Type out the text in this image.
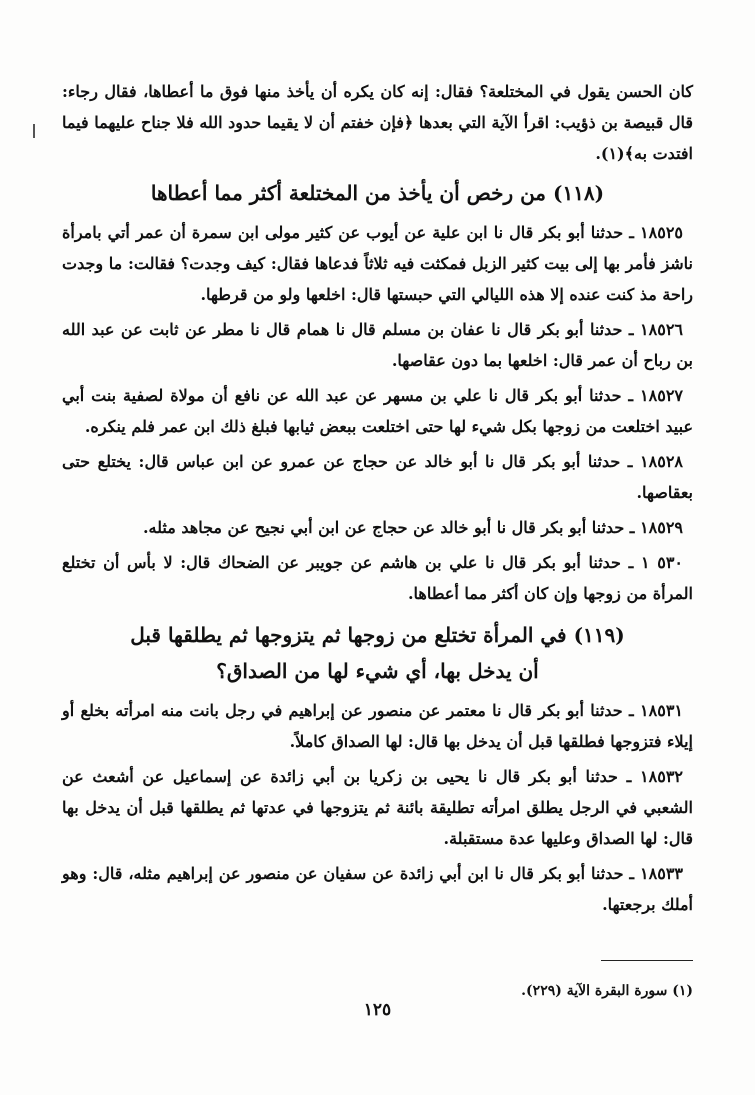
كان الحسن يقول في المختلعة؟ فقال: إنه كان يكره أن يأخذ منها فوق ما أعطاها، فقال رجاء: قال قبيصة بن ذؤيب: اقرأ الآية التي بعدها ﴿فإن خفتم أن لا يقيما حدود الله فلا جناح عليهما فيما افتدت به﴾(١).

(١١٨) من رخص أن يأخذ من المختلعة أكثر مما أعطاها

١٨٥٢٥ ـ حدثنا أبو بكر قال نا ابن علية عن أيوب عن كثير مولى ابن سمرة أن عمر أتي بامرأة ناشز فأمر بها إلى بيت كثير الزبل فمكثت فيه ثلاثاً فدعاها فقال: كيف وجدت؟ فقالت: ما وجدت راحة مذ كنت عنده إلا هذه الليالي التي حبستها قال: اخلعها ولو من قرطها.

١٨٥٢٦ ـ حدثنا أبو بكر قال نا عفان بن مسلم قال نا همام قال نا مطر عن ثابت عن عبد الله بن رباح أن عمر قال: اخلعها بما دون عقاصها.

١٨٥٢٧ ـ حدثنا أبو بكر قال نا علي بن مسهر عن عبد الله عن نافع أن مولاة لصفية بنت أبي عبيد اختلعت من زوجها بكل شيء لها حتى اختلعت ببعض ثيابها فبلغ ذلك ابن عمر فلم ينكره.

١٨٥٢٨ ـ حدثنا أبو بكر قال نا أبو خالد عن حجاج عن عمرو عن ابن عباس قال: يختلع حتى بعقاصها.

١٨٥٢٩ ـ حدثنا أبو بكر قال نا أبو خالد عن حجاج عن ابن أبي نجيح عن مجاهد مثله.

٥٣٠ ١ ـ حدثنا أبو بكر قال نا علي بن هاشم عن جويبر عن الضحاك قال: لا بأس أن تختلع المرأة من زوجها وإن كان أكثر مما أعطاها.

(١١٩) في المرأة تختلع من زوجها ثم يتزوجها ثم يطلقها قبل
أن يدخل بها، أي شيء لها من الصداق؟

١٨٥٣١ ـ حدثنا أبو بكر قال نا معتمر عن منصور عن إبراهيم في رجل بانت منه امرأته بخلع أو إيلاء فتزوجها فطلقها قبل أن يدخل بها قال: لها الصداق كاملاً.

١٨٥٣٢ ـ حدثنا أبو بكر قال نا يحيى بن زكريا بن أبي زائدة عن إسماعيل عن أشعث عن الشعبي في الرجل يطلق امرأته تطليقة بائنة ثم يتزوجها في عدتها ثم يطلقها قبل أن يدخل بها قال: لها الصداق وعليها عدة مستقبلة.

١٨٥٣٣ ـ حدثنا أبو بكر قال نا ابن أبي زائدة عن سفيان عن منصور عن إبراهيم مثله، قال: وهو أملك برجعتها.

(١) سورة البقرة الآية (٢٢٩).
١٢٥
